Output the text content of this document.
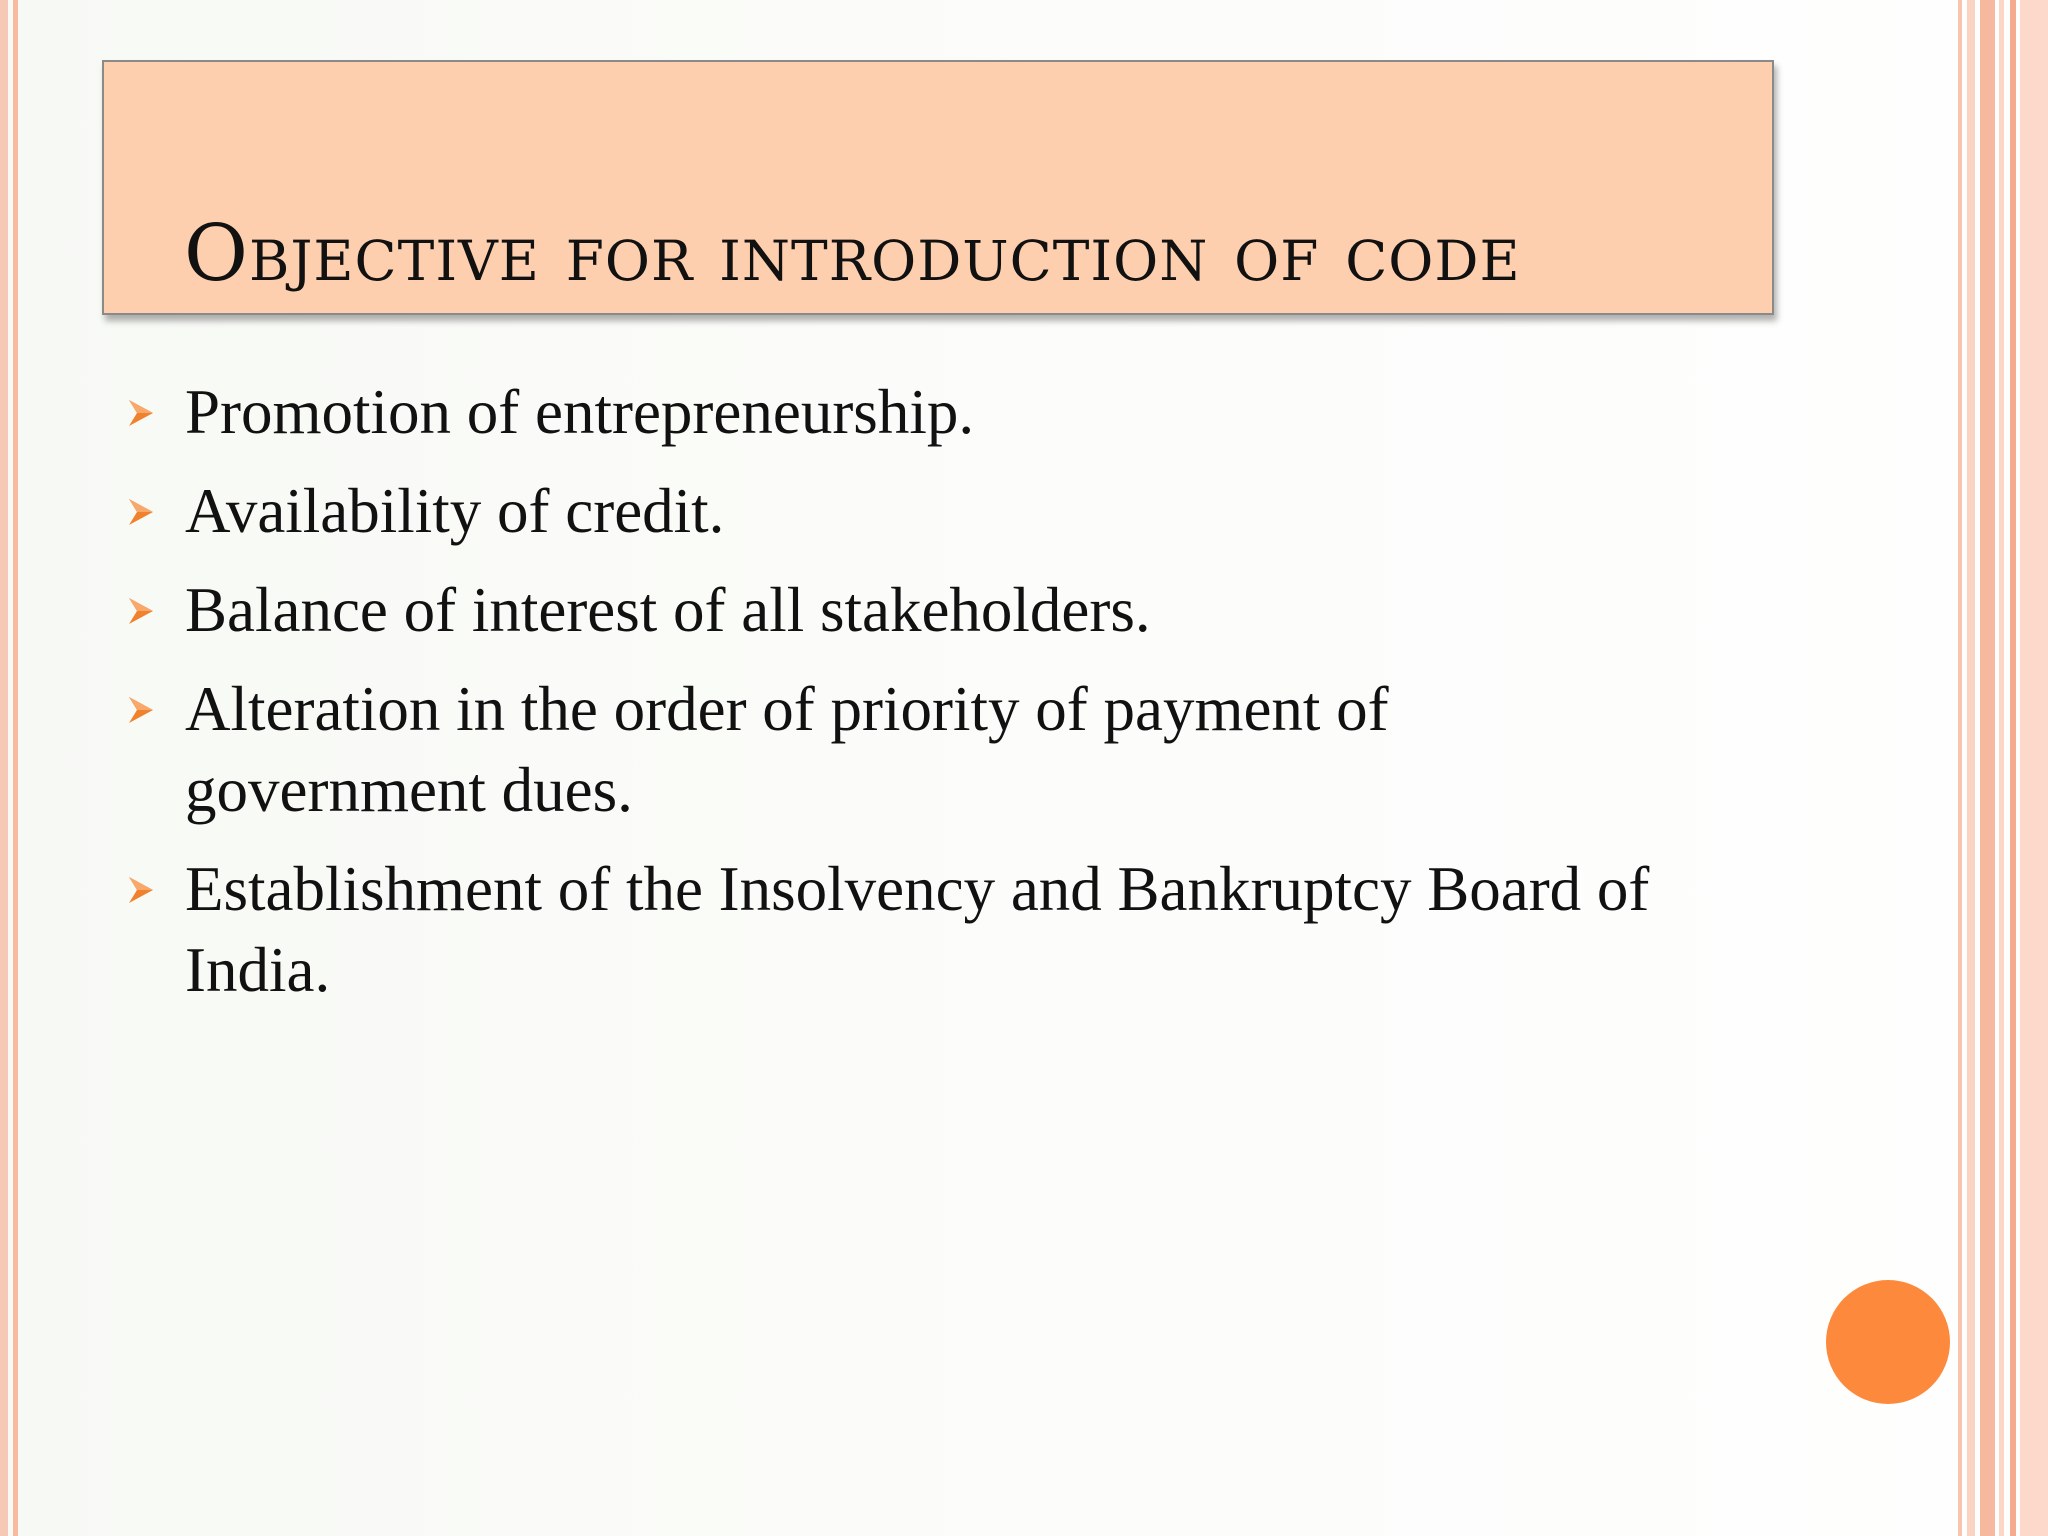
Objective for introduction of code
Promotion of entrepreneurship.
Availability of credit.
Balance of interest of all stakeholders.
Alteration in the order of priority of payment of government dues.
Establishment of the Insolvency and Bankruptcy Board of India.
